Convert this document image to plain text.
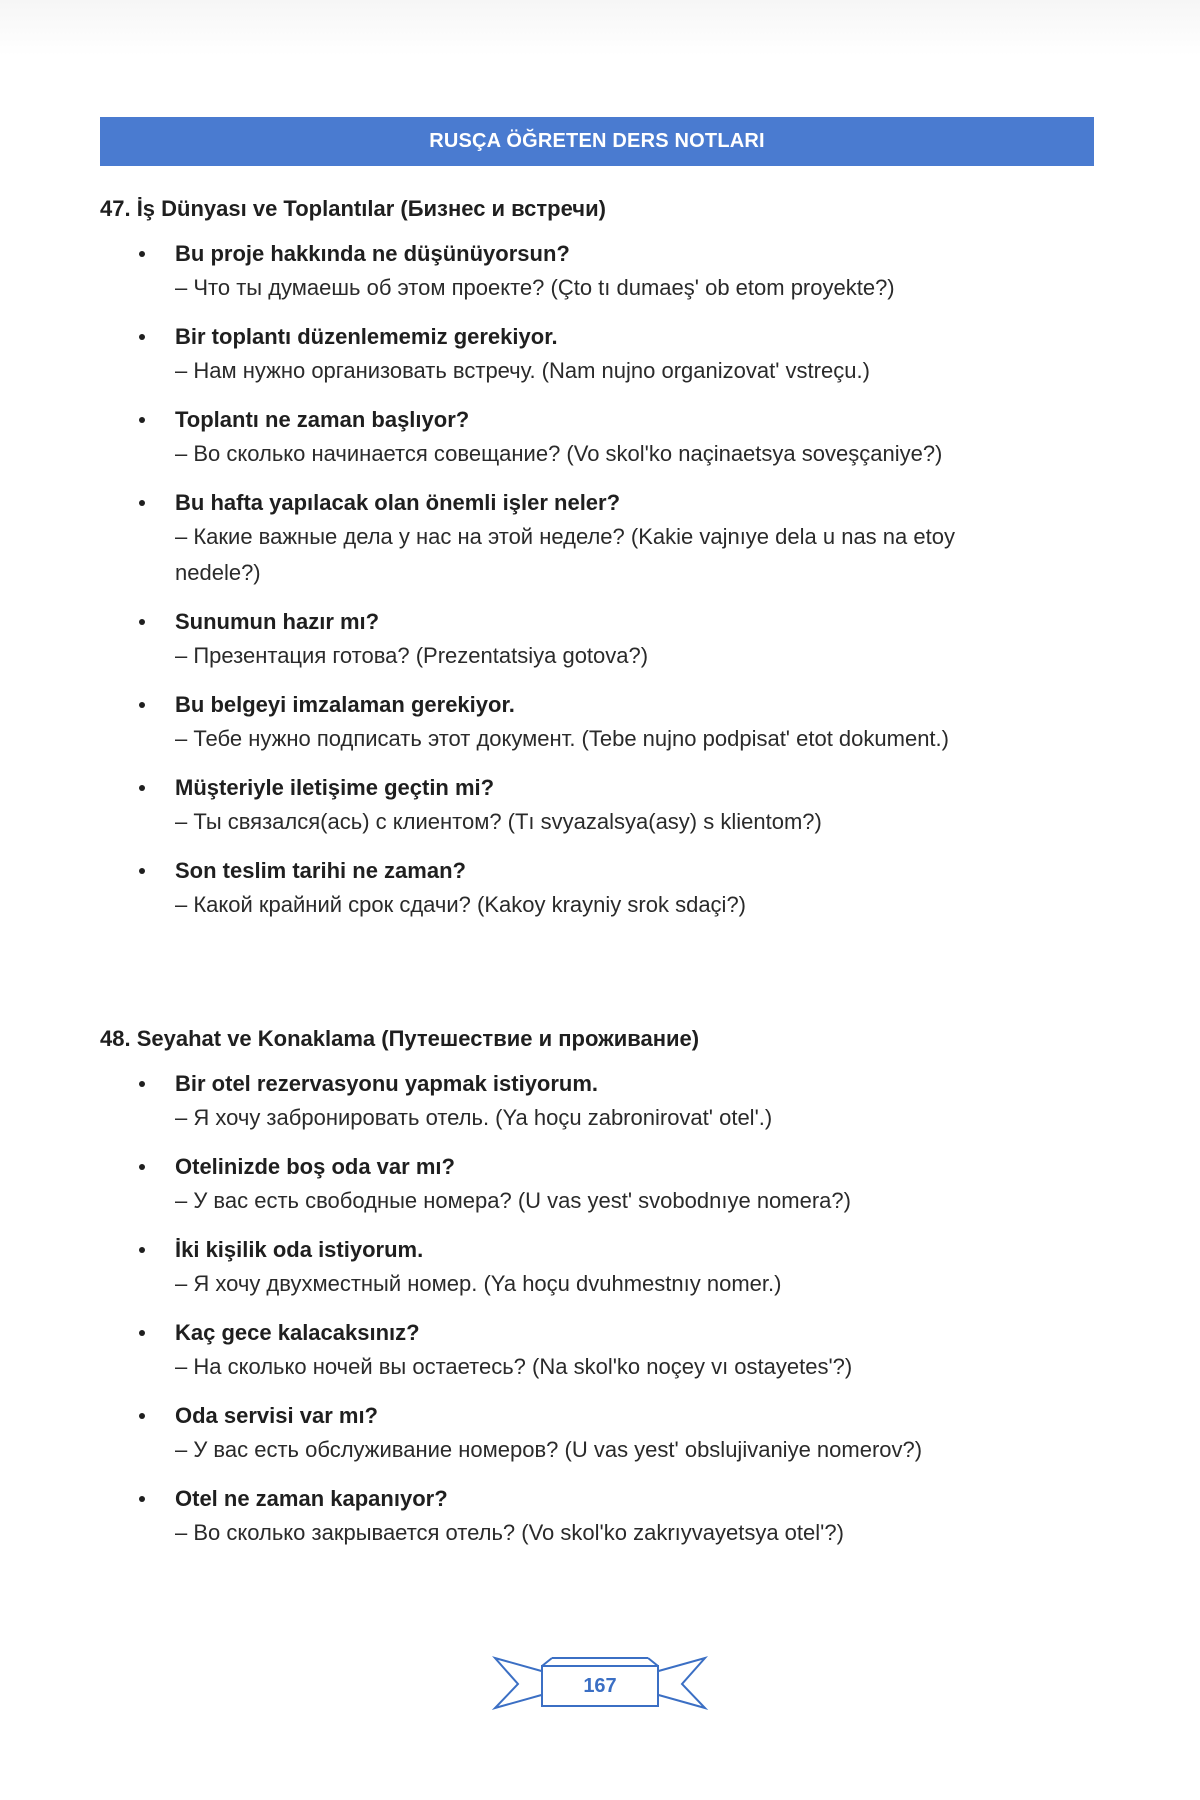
RUSÇA ÖĞRETEN DERS NOTLARI
47. İş Dünyası ve Toplantılar (Бизнес и встречи)
Bu proje hakkında ne düşünüyorsun?
– Что ты думаешь об этом проекте? (Çto tı dumaeş' ob etom proyekte?)
Bir toplantı düzenlememiz gerekiyor.
– Нам нужно организовать встречу. (Nam nujno organizovat' vstreçu.)
Toplantı ne zaman başlıyor?
– Во сколько начинается совещание? (Vo skol'ko naçinaetsya soveşçaniye?)
Bu hafta yapılacak olan önemli işler neler?
– Какие важные дела у нас на этой неделе? (Kakie vajnıye dela u nas na etoy nedele?)
Sunumun hazır mı?
– Презентация готова? (Prezentatsiya gotova?)
Bu belgeyi imzalaman gerekiyor.
– Тебе нужно подписать этот документ. (Tebe nujno podpisat' etot dokument.)
Müşteriyle iletişime geçtin mi?
– Ты связался(ась) с клиентом? (Tı svyazalsya(asy) s klientom?)
Son teslim tarihi ne zaman?
– Какой крайний срок сдачи? (Kakoy krayniy srok sdaçi?)
48. Seyahat ve Konaklama (Путешествие и проживание)
Bir otel rezervasyonu yapmak istiyorum.
– Я хочу забронировать отель. (Ya hoçu zabronirovat' otel'.)
Otelinizde boş oda var mı?
– У вас есть свободные номера? (U vas yest' svobodnıye nomera?)
İki kişilik oda istiyorum.
– Я хочу двухместный номер. (Ya hoçu dvuhmestnıy nomer.)
Kaç gece kalacaksınız?
– На сколько ночей вы остаетесь? (Na skol'ko noçey vı ostayetes'?)
Oda servisi var mı?
– У вас есть обслуживание номеров? (U vas yest' obslujivaniye nomerov?)
Otel ne zaman kapanıyor?
– Во сколько закрывается отель? (Vo skol'ko zakrıyvayetsya otel'?)
167
